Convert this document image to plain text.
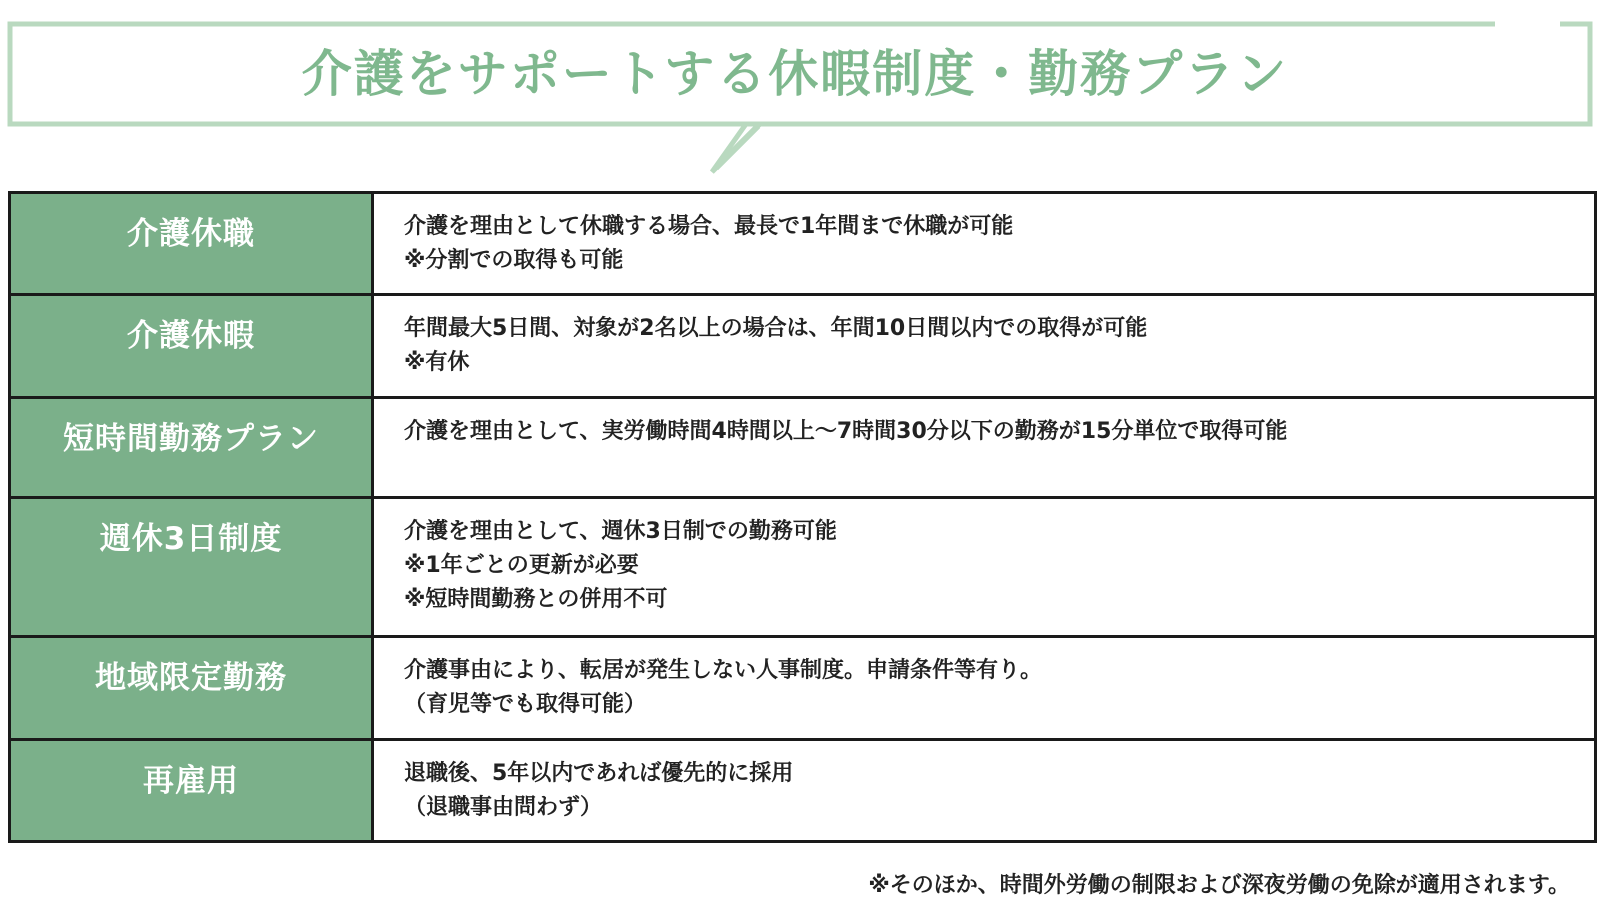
介護をサポートする休暇制度・勤務プラン
介護休職	介護を理由として休職する場合、最長で1年間まで休職が可能
※分割での取得も可能

介護休暇	年間最大5日間、対象が2名以上の場合は、年間10日間以内での取得が可能
※有休

短時間勤務プラン	介護を理由として、実労働時間4時間以上～7時間30分以下の勤務が15分単位で取得可能

週休3日制度	介護を理由として、週休3日制での勤務可能
※1年ごとの更新が必要
※短時間勤務との併用不可

地域限定勤務	介護事由により、転居が発生しない人事制度。申請条件等有り。
（育児等でも取得可能）

再雇用	退職後、5年以内であれば優先的に採用
（退職事由問わず）
※そのほか、時間外労働の制限および深夜労働の免除が適用されます。
